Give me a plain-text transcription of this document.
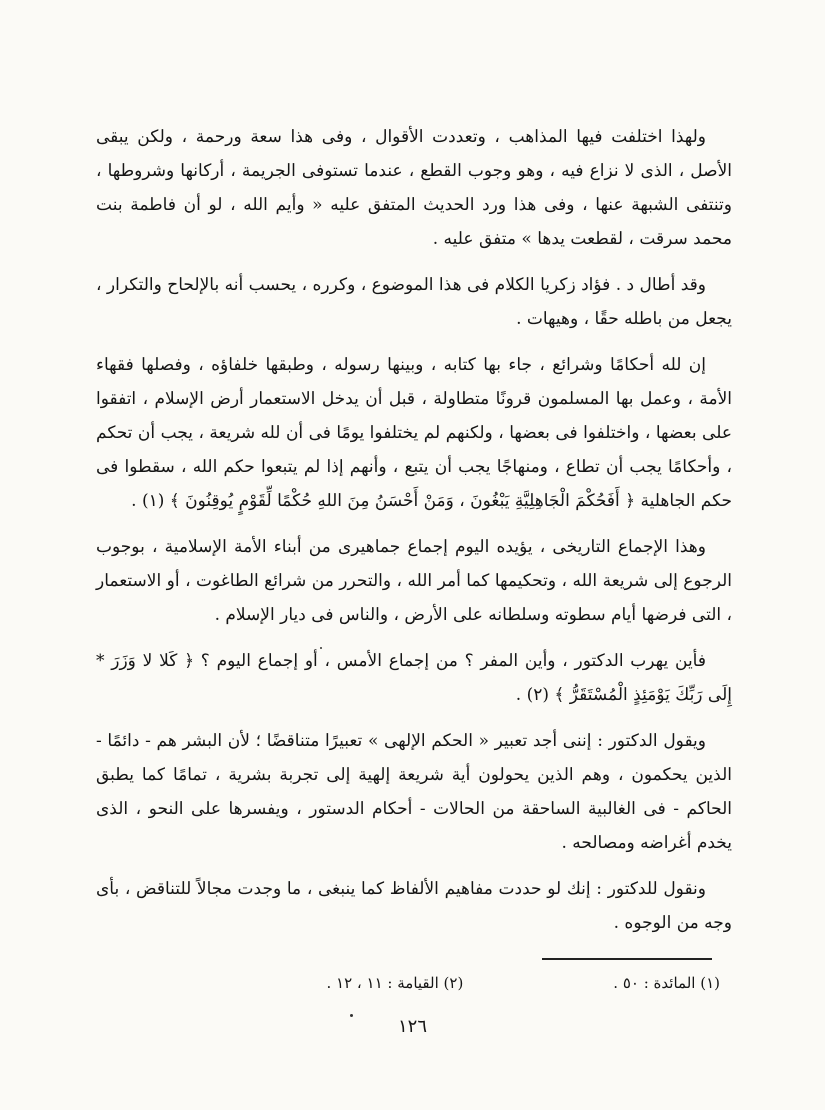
ولهذا اختلفت فيها المذاهب ، وتعددت الأقوال ، وفى هذا سعة ورحمة ، ولكن يبقى الأصل ، الذى لا نزاع فيه ، وهو وجوب القطع ، عندما تستوفى الجريمة ، أركانها وشروطها ، وتنتفى الشبهة عنها ، وفى هذا ورد الحديث المتفق عليه « وأيم الله ، لو أن فاطمة بنت محمد سرقت ، لقطعت يدها » متفق عليه .

وقد أطال د . فؤاد زكريا الكلام فى هذا الموضوع ، وكرره ، يحسب أنه بالإلحاح والتكرار ، يجعل من باطله حقًا ، وهيهات .

إن لله أحكامًا وشرائع ، جاء بها كتابه ، وبينها رسوله ، وطبقها خلفاؤه ، وفصلها فقهاء الأمة ، وعمل بها المسلمون قرونًا متطاولة ، قبل أن يدخل الاستعمار أرض الإسلام ، اتفقوا على بعضها ، واختلفوا فى بعضها ، ولكنهم لم يختلفوا يومًا فى أن لله شريعة ، يجب أن تحكم ، وأحكامًا يجب أن تطاع ، ومنهاجًا يجب أن يتبع ، وأنهم إذا لم يتبعوا حكم الله ، سقطوا فى حكم الجاهلية ﴿ أَفَحُكْمَ الْجَاهِلِيَّةِ يَبْغُونَ ، وَمَنْ أَحْسَنُ مِنَ اللهِ حُكْمًا لِّقَوْمٍ يُوقِنُونَ ﴾ (١) .

وهذا الإجماع التاريخى ، يؤيده اليوم إجماع جماهيرى من أبناء الأمة الإسلامية ، بوجوب الرجوع إلى شريعة الله ، وتحكيمها كما أمر الله ، والتحرر من شرائع الطاغوت ، أو الاستعمار ، التى فرضها أيام سطوته وسلطانه على الأرض ، والناس فى ديار الإسلام .

فأين يهرب الدكتور ، وأين المفر ؟ من إجماع الأمس ، أو إجماع اليوم ؟ ﴿ كَلا لا وَزَرَ * إِلَى رَبِّكَ يَوْمَئِذٍ الْمُسْتَقَرُّ ﴾ (٢) .

ويقول الدكتور : إننى أجد تعبير « الحكم الإلهى » تعبيرًا متناقضًا ؛ لأن البشر هم - دائمًا - الذين يحكمون ، وهم الذين يحولون أية شريعة إلهية إلى تجربة بشرية ، تمامًا كما يطبق الحاكم - فى الغالبية الساحقة من الحالات - أحكام الدستور ، ويفسرها على النحو ، الذى يخدم أغراضه ومصالحه .

ونقول للدكتور : إنك لو حددت مفاهيم الألفاظ كما ينبغى ، ما وجدت مجالاً للتناقض ، بأى وجه من الوجوه .

(١) المائدة : ٥٠ .
(٢) القيامة : ١١ ، ١٢ .
١٢٦
